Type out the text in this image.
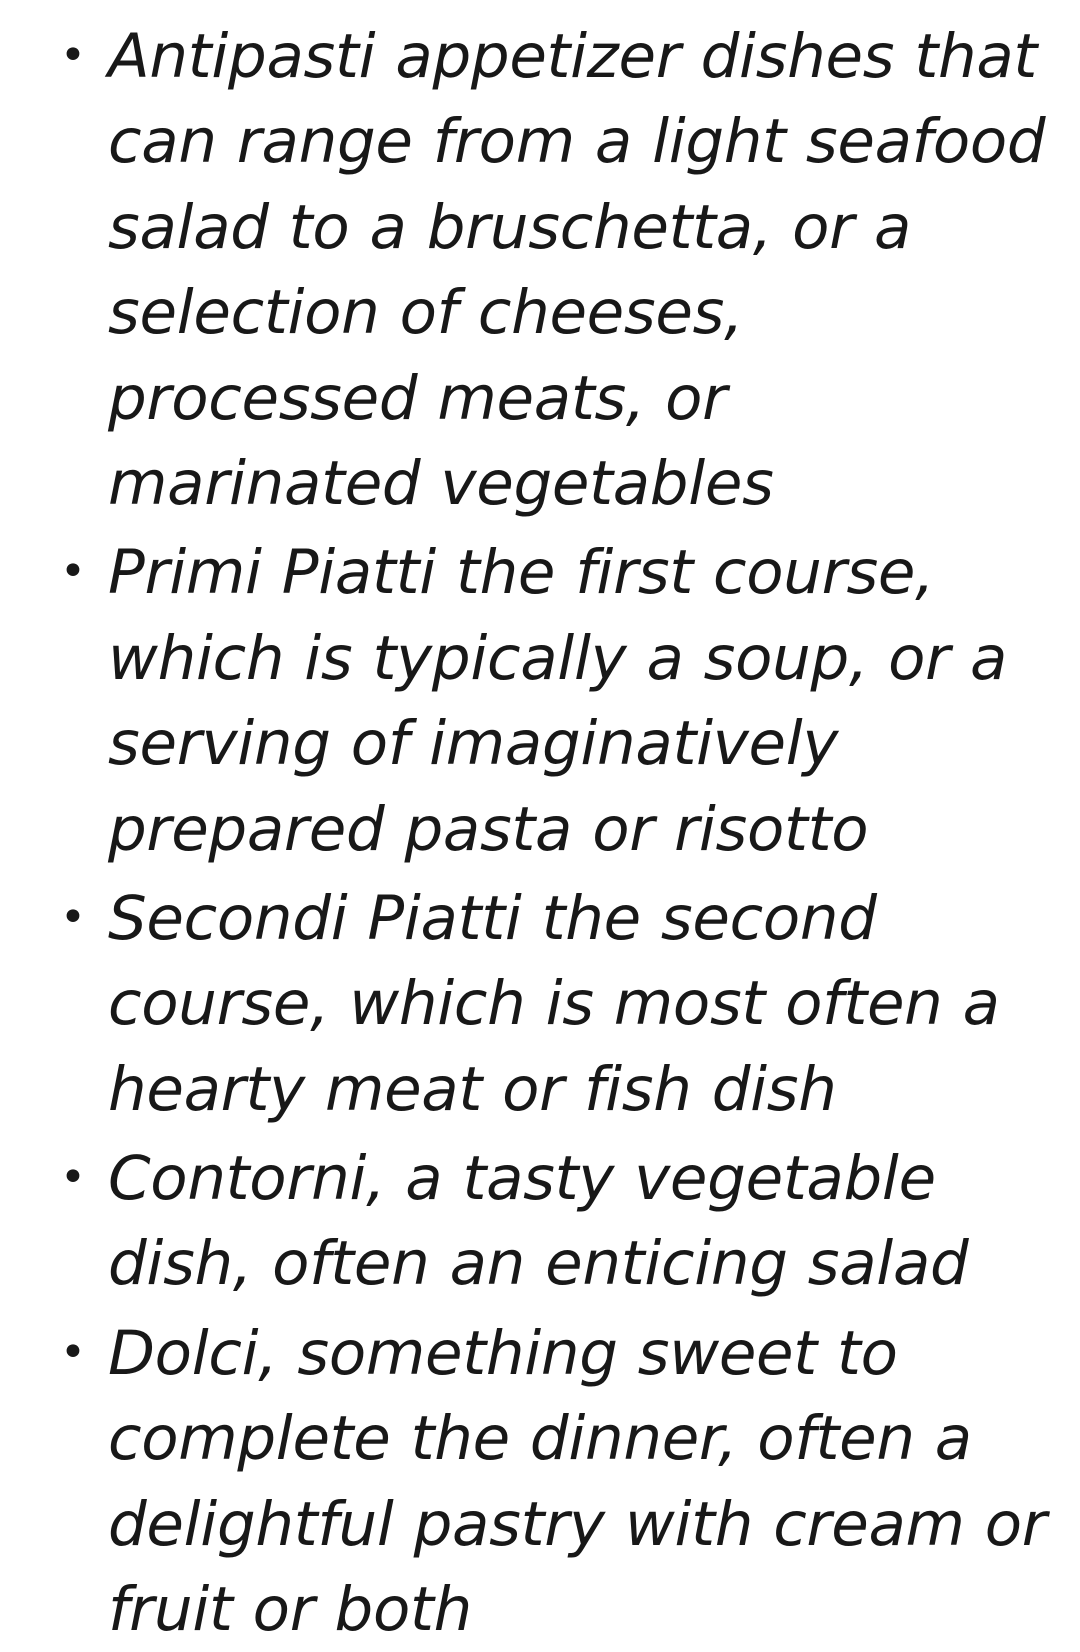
• Antipasti appetizer dishes that can range from a light seafood salad to a bruschetta, or a selection of cheeses, processed meats, or marinated vegetables
• Primi Piatti the first course, which is typically a soup, or a serving of imaginatively prepared pasta or risotto
• Secondi Piatti the second course, which is most often a hearty meat or fish dish
• Contorni, a tasty vegetable dish, often an enticing salad
• Dolci, something sweet to complete the dinner, often a delightful pastry with cream or fruit or both
